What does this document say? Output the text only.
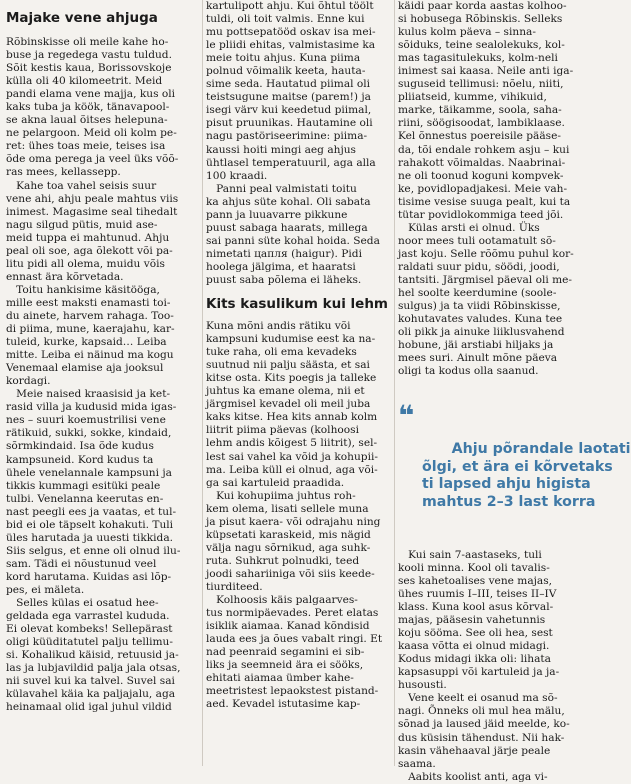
Majake vene ahjuga

Rõbinskisse oli meile kahe ho-
buse ja regedega vastu tuldud.
Sõit kestis kaua, Borissovskoje
külla oli 40 kilomeetrit. Meid
pandi elama vene majja, kus oli
kaks tuba ja köök, tänavapool-
se akna laual õitses helepuna-
ne pelargoon. Meid oli kolm pe-
ret: ühes toas meie, teises isa
õde oma perega ja veel üks võõ-
ras mees, kellassepp.
Kahe toa vahel seisis suur
vene ahi, ahju peale mahtus viis
inimest. Magasime seal tihedalt
nagu silgud pütis, muid ase-
meid tuppa ei mahtunud. Ahju
peal oli soe, aga õlekott või pa-
litu pidi all olema, muidu võis
ennast ära kõrvetada.
Toitu hankisime käsitööga,
mille eest maksti enamasti toi-
du ainete, harvem rahaga. Too-
di piima, mune, kaerajahu, kar-
tuleid, kurke, kapsaid… Leiba
mitte. Leiba ei näinud ma kogu
Venemaal elamise aja jooksul
kordagi.
Meie naised kraasisid ja ket-
rasid villa ja kudusid mida igas-
nes – suuri koemustrilisi vene
rätikuid, sukki, sokke, kindaid,
sõrmkindaid. Isa õde kudus
kampsuneid. Kord kudus ta
ühele venelannale kampsuni ja
tikkis kummagi esitüki peale
tulbi. Venelanna keerutas en-
nast peegli ees ja vaatas, et tul-
bid ei ole täpselt kohakuti. Tuli
üles harutada ja uuesti tikkida.
Siis selgus, et enne oli olnud ilu-
sam. Tädi ei nõustunud veel
kord harutama. Kuidas asi lõp-
pes, ei mäleta.
Selles külas ei osatud hee-
geldada ega varrastel kududa.
Ei olevat kombeks! Sellepärast
oligi küüditatutel palju tellimu-
si. Kohalikud käisid, retuusid ja-
las ja lubjavildid palja jala otsas,
nii suvel kui ka talvel. Suvel sai
külavahel käia ka paljajalu, aga
heinamaal olid igal juhul vildid

kartulipott ahju. Kui õhtul töölt
tuldi, oli toit valmis. Enne kui
mu pottsepatööd oskav isa mei-
le pliidi ehitas, valmistasime ka
meie toitu ahjus. Kuna piima
polnud võimalik keeta, hauta-
sime seda. Hautatud piimal oli
teistsugune maitse (parem!) ja
isegi värv kui keedetud piimal,
pisut pruunikas. Hautamine oli
nagu pastöriseerimine: piima-
kaussi hoiti mingi aeg ahjus
ühtlasel temperatuuril, aga alla
100 kraadi.
Panni peal valmistati toitu
ka ahjus süte kohal. Oli sabata
pann ja luuavarre pikkune
puust sabaga haarats, millega
sai panni süte kohal hoida. Seda
nimetati цапля (haigur). Pidi
hoolega jälgima, et haaratsi
puust saba põlema ei läheks.

Kits kasulikum kui lehm

Kuna mõni andis rätiku või
kampsuni kudumise eest ka na-
tuke raha, oli ema kevadeks
suutnud nii palju säästa, et sai
kitse osta. Kits poegis ja talleke
juhtus ka emane olema, nii et
järgmisel kevadel oli meil juba
kaks kitse. Hea kits annab kolm
liitrit piima päevas (kolhoosi
lehm andis kõigest 5 liitrit), sel-
lest sai vahel ka võid ja kohupii-
ma. Leiba küll ei olnud, aga või-
ga sai kartuleid praadida.
Kui kohupiima juhtus roh-
kem olema, lisati sellele muna
ja pisut kaera- või odrajahu ning
küpsetati karaskeid, mis nägid
välja nagu sõrnikud, aga suhk-
ruta. Suhkrut polnudki, teed
joodi sahariiniga või siis keede-
tiurditeed.
Kolhoosis käis palgaarves-
tus normipäevades. Peret elatas
isiklik aiamaa. Kanad kõndisid
lauda ees ja õues vabalt ringi. Et
nad peenraid segamini ei sib-
liks ja seemneid ära ei sööks,
ehitati aiamaa ümber kahe-
meetristest lepaokstest pistand-
aed. Kevadel istutasime kap-

käidi paar korda aastas kolhoo-
si hobusega Rõbinskis. Selleks
kulus kolm päeva – sinna-
sõiduks, teine sealolekuks, kol-
mas tagasitulekuks, kolm-neli
inimest sai kaasa. Neile anti iga-
suguseid tellimusi: nõelu, niiti,
pliiatseid, kumme, vihikuid,
marke, täikamme, soola, saha-
riini, söögisoodat, lambiklaase.
Kel õnnestus poereisile pääse-
da, tõi endale rohkem asju – kui
rahakott võimaldas. Naabrinai-
ne oli toonud koguni kompvek-
ke, povidlopadjakesi. Meie vah-
tisime vesise suuga pealt, kui ta
tütar povidlokommiga teed jõi.
Külas arsti ei olnud. Üks
noor mees tuli ootamatult sõ-
jast koju. Selle rõõmu puhul kor-
raldati suur pidu, söödi, joodi,
tantsiti. Järgmisel päeval oli me-
hel soolte keerdumine (soole-
sulgus) ja ta viidi Rõbinskisse,
kohutavates valudes. Kuna tee
oli pikk ja ainuke liiklusvahend
hobune, jäi arstiabi hiljaks ja
mees suri. Ainult mõne päeva
oligi ta kodus olla saanud.

❝

Ahju põrandale laotati
õlgi, et ära ei kõrvetaks
ti lapsed ahju higista
mahtus 2–3 last korra

Kui sain 7-aastaseks, tuli
kooli minna. Kool oli tavalis-
ses kahetoalises vene majas,
ühes ruumis I–III, teises II–IV
klass. Kuna kool asus kõrval-
majas, pääsesin vahetunnis
koju sööma. See oli hea, sest
kaasa võtta ei olnud midagi.
Kodus midagi ikka oli: lihata
kapsasuppi või kartuleid ja ja-
husousti.
Vene keelt ei osanud ma sõ-
nagi. Õnneks oli mul hea mälu,
sõnad ja laused jäid meelde, ko-
dus küsisin tähendust. Nii hak-
kasin vähehaaval järje peale
saama.
Aabits koolist anti, aga vi-
